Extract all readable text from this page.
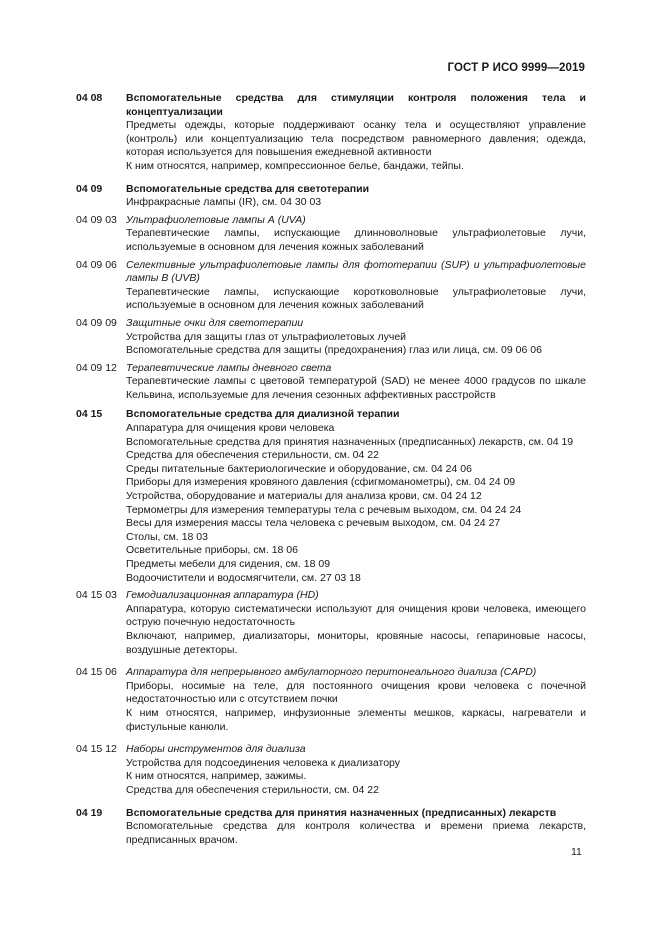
ГОСТ Р ИСО 9999—2019
04 08 Вспомогательные средства для стимуляции контроля положения тела и концептуализации
Предметы одежды, которые поддерживают осанку тела и осуществляют управление (контроль) или концептуализацию тела посредством равномерного давления; одежда, которая используется для повышения ежедневной активности
К ним относятся, например, компрессионное белье, бандажи, тейпы.
04 09 Вспомогательные средства для светотерапии
Инфракрасные лампы (IR), см. 04 30 03
04 09 03 Ультрафиолетовые лампы А (UVA)
Терапевтические лампы, испускающие длинноволновые ультрафиолетовые лучи, используемые в основном для лечения кожных заболеваний
04 09 06 Селективные ультрафиолетовые лампы для фототерапии (SUP) и ультрафиолетовые лампы В (UVB)
Терапевтические лампы, испускающие коротковолновые ультрафиолетовые лучи, используемые в основном для лечения кожных заболеваний
04 09 09 Защитные очки для светотерапии
Устройства для защиты глаз от ультрафиолетовых лучей
Вспомогательные средства для защиты (предохранения) глаз или лица, см. 09 06 06
04 09 12 Терапевтические лампы дневного света
Терапевтические лампы с цветовой температурой (SAD) не менее 4000 градусов по шкале Кельвина, используемые для лечения сезонных аффективных расстройств
04 15 Вспомогательные средства для диализной терапии
Аппаратура для очищения крови человека
Вспомогательные средства для принятия назначенных (предписанных) лекарств, см. 04 19
Средства для обеспечения стерильности, см. 04 22
Среды питательные бактериологические и оборудование, см. 04 24 06
Приборы для измерения кровяного давления (сфигмоманометры), см. 04 24 09
Устройства, оборудование и материалы для анализа крови, см. 04 24 12
Термометры для измерения температуры тела с речевым выходом, см. 04 24 24
Весы для измерения массы тела человека с речевым выходом, см. 04 24 27
Столы, см. 18 03
Осветительные приборы, см. 18 06
Предметы мебели для сидения, см. 18 09
Водоочистители и водосмягчители, см. 27 03 18
04 15 03 Гемодиализационная аппаратура (HD)
Аппаратура, которую систематически используют для очищения крови человека, имеющего острую почечную недостаточность
Включают, например, диализаторы, мониторы, кровяные насосы, гепариновые насосы, воздушные детекторы.
04 15 06 Аппаратура для непрерывного амбулаторного перитонеального диализа (CAPD)
Приборы, носимые на теле, для постоянного очищения крови человека с почечной недостаточностью или с отсутствием почки
К ним относятся, например, инфузионные элементы мешков, каркасы, нагреватели и фистульные канюли.
04 15 12 Наборы инструментов для диализа
Устройства для подсоединения человека к диализатору
К ним относятся, например, зажимы.
Средства для обеспечения стерильности, см. 04 22
04 19 Вспомогательные средства для принятия назначенных (предписанных) лекарств
Вспомогательные средства для контроля количества и времени приема лекарств, предписанных врачом.
11
